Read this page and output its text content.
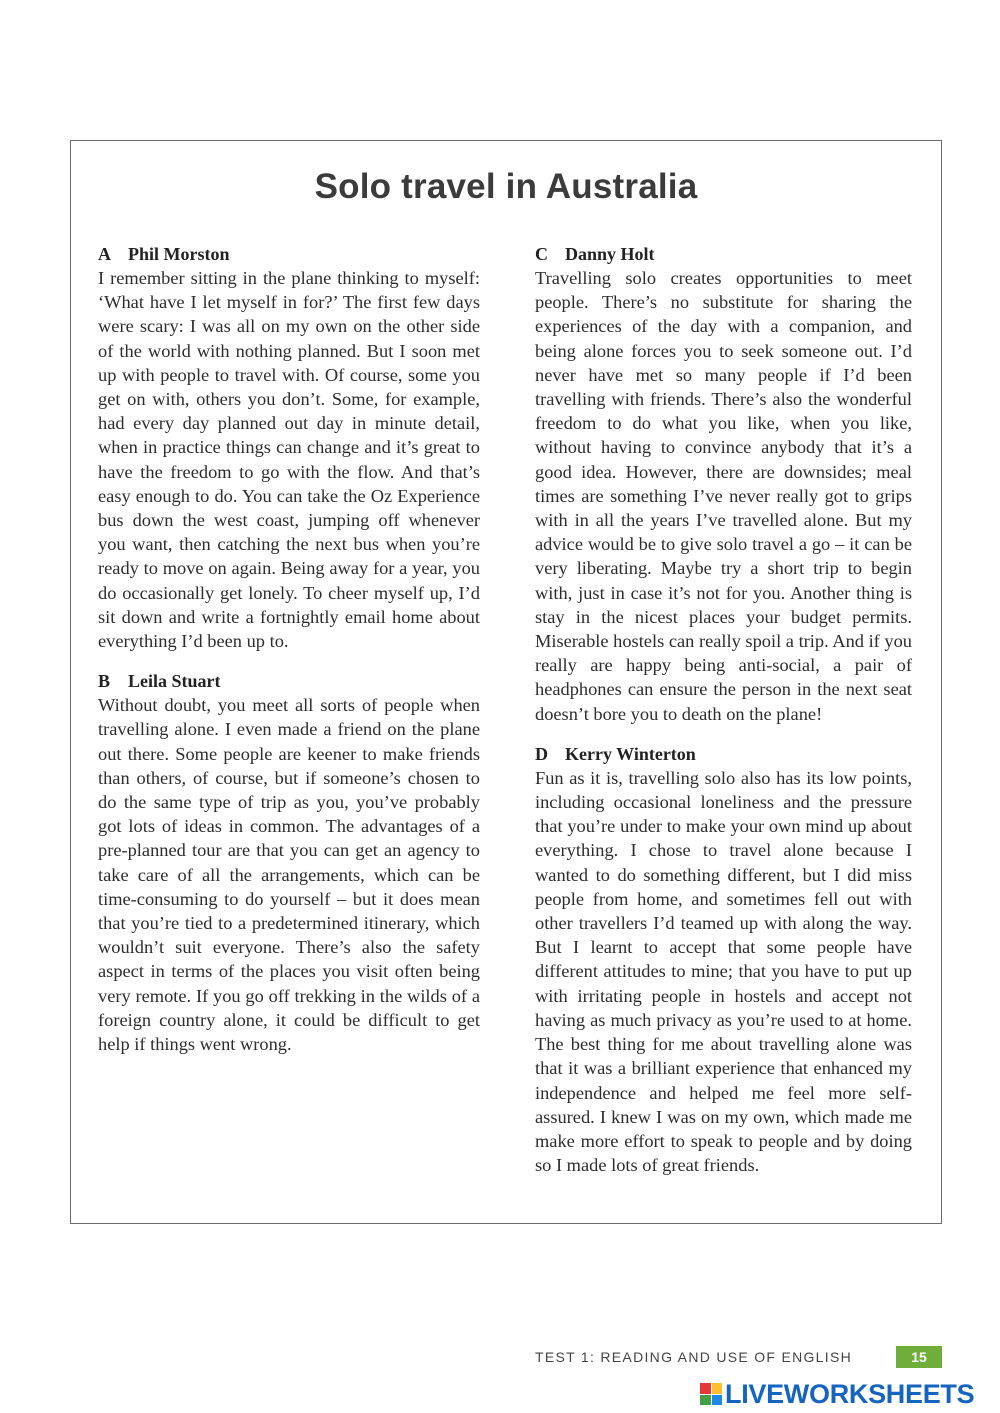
Solo travel in Australia
A Phil Morston
I remember sitting in the plane thinking to myself: ‘What have I let myself in for?’ The first few days were scary: I was all on my own on the other side of the world with nothing planned. But I soon met up with people to travel with. Of course, some you get on with, others you don’t. Some, for example, had every day planned out day in minute detail, when in practice things can change and it’s great to have the freedom to go with the flow. And that’s easy enough to do. You can take the Oz Experience bus down the west coast, jumping off whenever you want, then catching the next bus when you’re ready to move on again. Being away for a year, you do occasionally get lonely. To cheer myself up, I’d sit down and write a fortnightly email home about everything I’d been up to.
B Leila Stuart
Without doubt, you meet all sorts of people when travelling alone. I even made a friend on the plane out there. Some people are keener to make friends than others, of course, but if someone’s chosen to do the same type of trip as you, you’ve probably got lots of ideas in common. The advantages of a pre-planned tour are that you can get an agency to take care of all the arrangements, which can be time-consuming to do yourself – but it does mean that you’re tied to a predetermined itinerary, which wouldn’t suit everyone. There’s also the safety aspect in terms of the places you visit often being very remote. If you go off trekking in the wilds of a foreign country alone, it could be difficult to get help if things went wrong.
C Danny Holt
Travelling solo creates opportunities to meet people. There’s no substitute for sharing the experiences of the day with a companion, and being alone forces you to seek someone out. I’d never have met so many people if I’d been travelling with friends. There’s also the wonderful freedom to do what you like, when you like, without having to convince anybody that it’s a good idea. However, there are downsides; meal times are something I’ve never really got to grips with in all the years I’ve travelled alone. But my advice would be to give solo travel a go – it can be very liberating. Maybe try a short trip to begin with, just in case it’s not for you. Another thing is stay in the nicest places your budget permits. Miserable hostels can really spoil a trip. And if you really are happy being anti-social, a pair of headphones can ensure the person in the next seat doesn’t bore you to death on the plane!
D Kerry Winterton
Fun as it is, travelling solo also has its low points, including occasional loneliness and the pressure that you’re under to make your own mind up about everything. I chose to travel alone because I wanted to do something different, but I did miss people from home, and sometimes fell out with other travellers I’d teamed up with along the way. But I learnt to accept that some people have different attitudes to mine; that you have to put up with irritating people in hostels and accept not having as much privacy as you’re used to at home. The best thing for me about travelling alone was that it was a brilliant experience that enhanced my independence and helped me feel more self-assured. I knew I was on my own, which made me make more effort to speak to people and by doing so I made lots of great friends.
TEST 1: READING AND USE OF ENGLISH	15
LIVEWORKSHEETS
